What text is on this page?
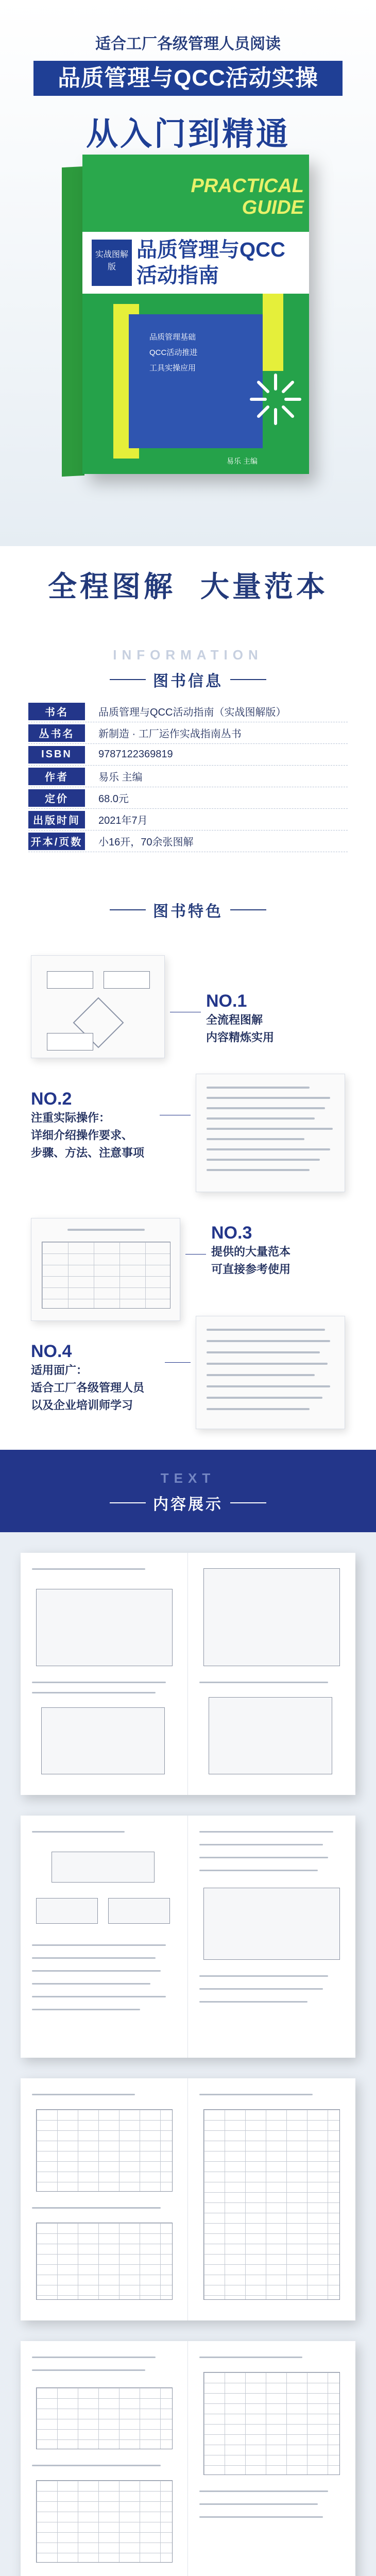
适合工厂各级管理人员阅读
品质管理与QCC活动实操
从入门到精通
PRACTICAL GUIDE
实战图解版
品质管理与QCC活动指南
品质管理基础
QCC活动推进
工具实操应用
易乐 主编
全程图解 大量范本
INFORMATION
图书信息
书名	品质管理与QCC活动指南（实战图解版）
丛书名	新制造 · 工厂运作实战指南丛书
ISBN	9787122369819
作者	易乐 主编
定价	68.0元
出版时间	2021年7月
开本/页数	小16开，70余张图解
图书特色
NO.1
全流程图解
内容精炼实用
NO.2
注重实际操作：
详细介绍操作要求、
步骤、方法、注意事项
NO.3
提供的大量范本
可直接参考使用
NO.4
适用面广：
适合工厂各级管理人员
以及企业培训师学习
TEXT
内容展示
